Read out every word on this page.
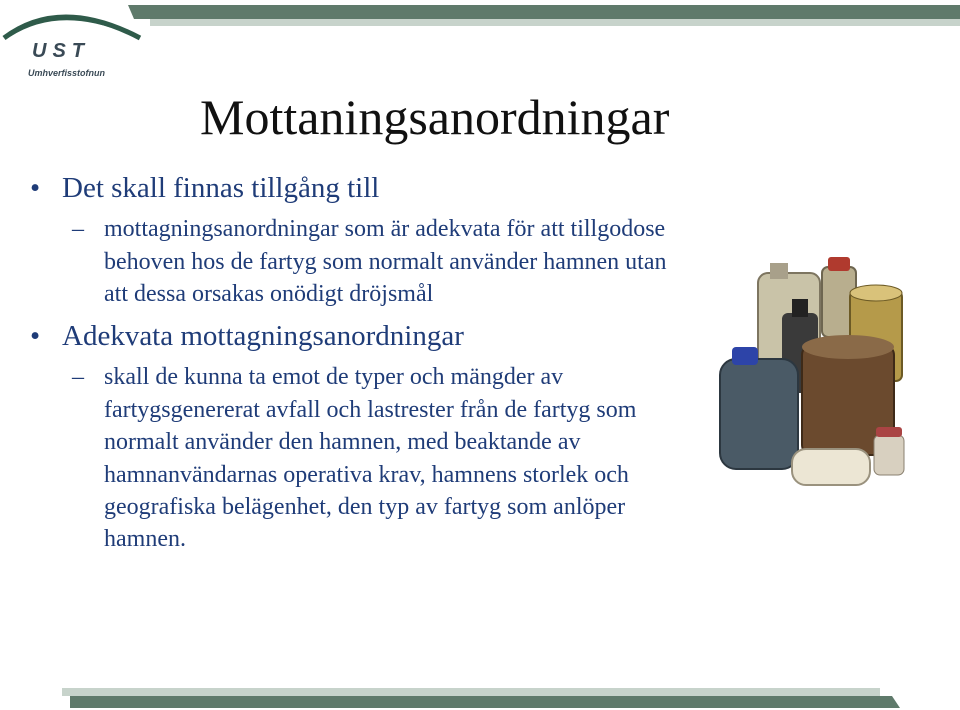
UST
Umhverfisstofnun
Mottaningsanordningar
• Det skall finnas tillgång till
– mottagningsanordningar som är adekvata för att tillgodose behoven hos de fartyg som normalt använder hamnen utan att dessa orsakas onödigt dröjsmål
• Adekvata mottagningsanordningar
– skall de kunna ta emot de typer och mängder av fartygsgenererat avfall och lastrester från de fartyg som normalt använder den hamnen, med beaktande av hamnanvändarnas operativa krav, hamnens storlek och geografiska belägenhet, den typ av fartyg som anlöper hamnen.
